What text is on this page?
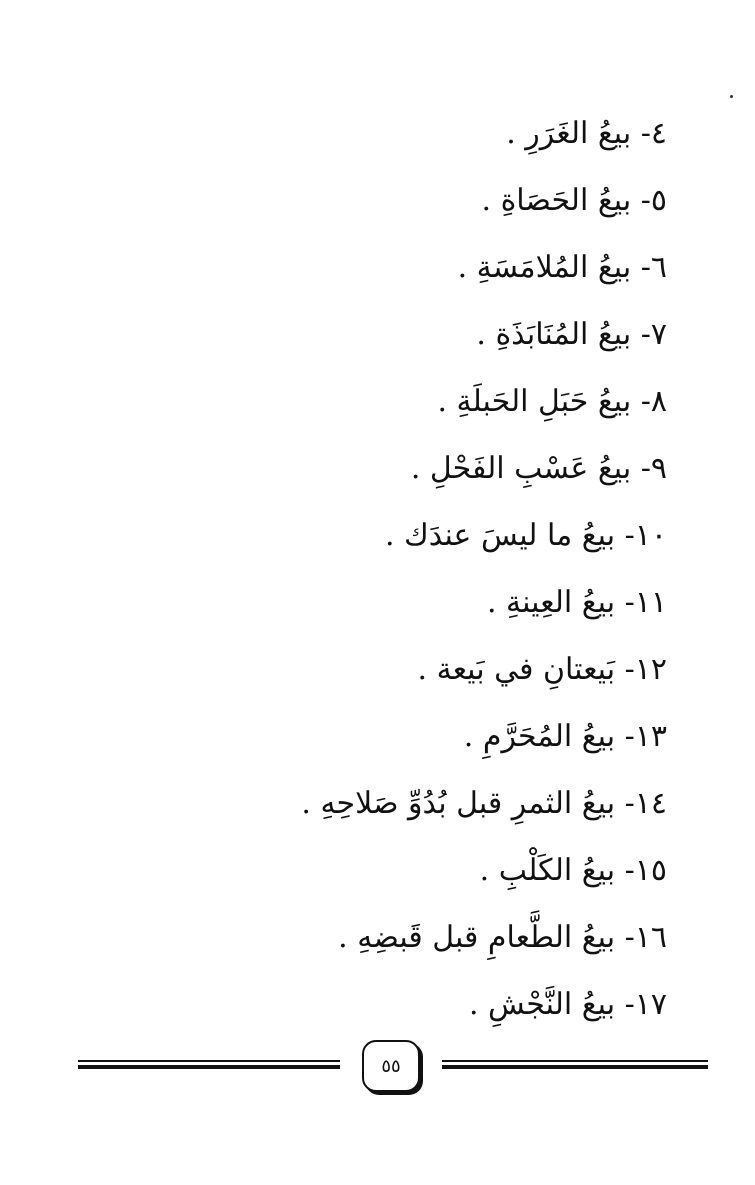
٤- بيعُ الغَرَرِ .
٥- بيعُ الحَصَاةِ .
٦- بيعُ المُلامَسَةِ .
٧- بيعُ المُنَابَذَةِ .
٨- بيعُ حَبَلِ الحَبلَةِ .
٩- بيعُ عَسْبِ الفَحْلِ .
١٠- بيعُ ما ليسَ عندَك .
١١- بيعُ العِينةِ .
١٢- بَيعتانِ في بَيعة .
١٣- بيعُ المُحَرَّمِ .
١٤- بيعُ الثمرِ قبل بُدُوِّ صَلاحِهِ .
١٥- بيعُ الكَلْبِ .
١٦- بيعُ الطَّعامِ قبل قَبضِهِ .
١٧- بيعُ النَّجْشِ .
٥٥
